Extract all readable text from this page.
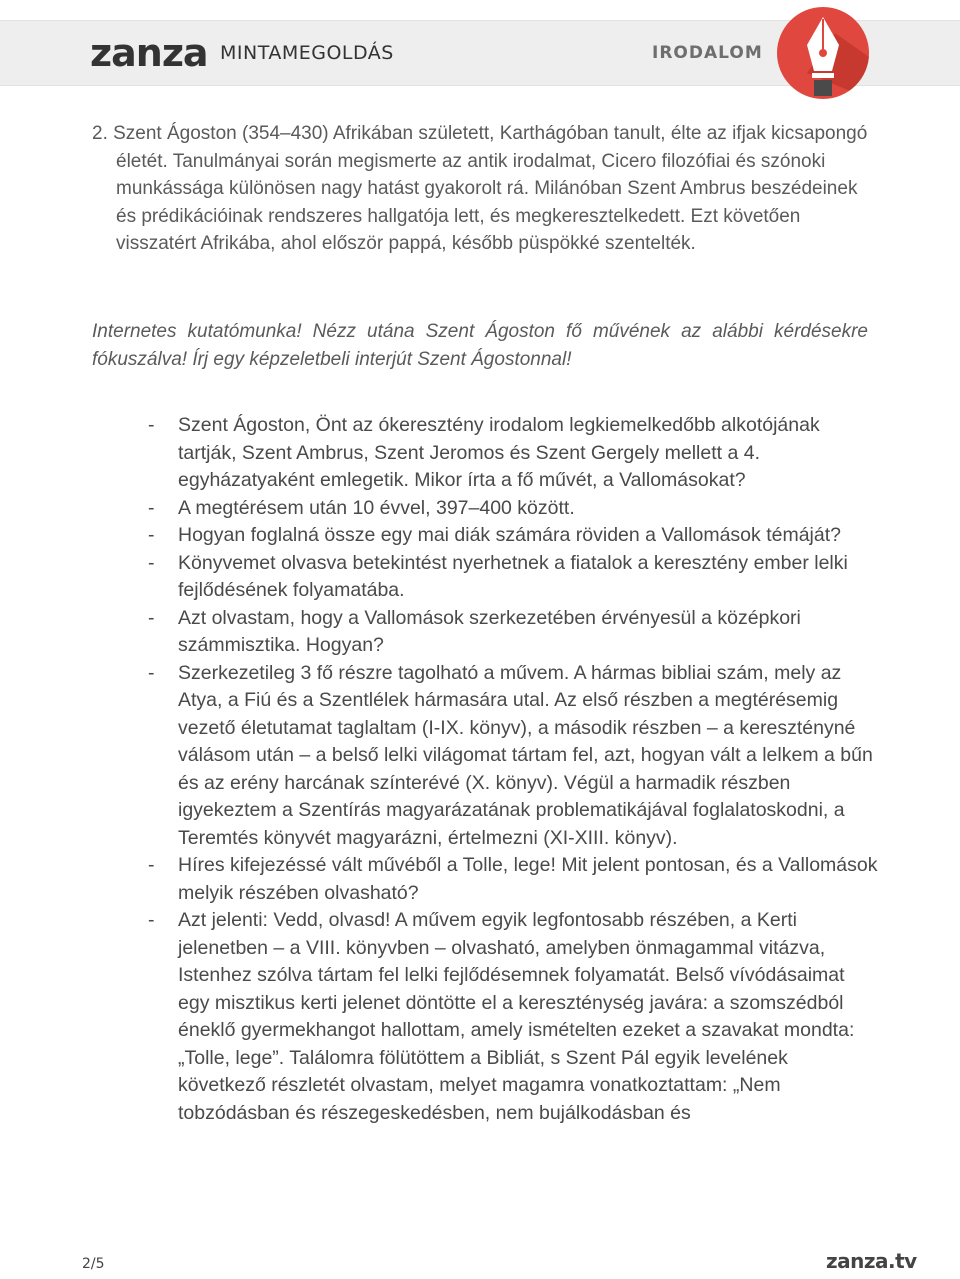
zanza MINTAMEGOLDÁS	IRODALOM
2. Szent Ágoston (354–430) Afrikában született, Karthágóban tanult, élte az ifjak kicsapongó életét. Tanulmányai során megismerte az antik irodalmat, Cicero filozófiai és szónoki munkássága különösen nagy hatást gyakorolt rá. Milánóban Szent Ambrus beszédeinek és prédikációinak rendszeres hallgatója lett, és megkeresztelkedett. Ezt követően visszatért Afrikába, ahol először pappá, később püspökké szentelték.
Internetes kutatómunka! Nézz utána Szent Ágoston fő művének az alábbi kérdésekre fókuszálva! Írj egy képzeletbeli interjút Szent Ágostonnal!
-	Szent Ágoston, Önt az ókeresztény irodalom legkiemelkedőbb alkotójának tartják, Szent Ambrus, Szent Jeromos és Szent Gergely mellett a 4. egyházatyaként emlegetik. Mikor írta a fő művét, a Vallomásokat?
-	A megtérésem után 10 évvel, 397–400 között.
-	Hogyan foglalná össze egy mai diák számára röviden a Vallomások témáját?
-	Könyvemet olvasva betekintést nyerhetnek a fiatalok a keresztény ember lelki fejlődésének folyamatába.
-	Azt olvastam, hogy a Vallomások szerkezetében érvényesül a középkori számmisztika. Hogyan?
-	Szerkezetileg 3 fő részre tagolható a művem. A hármas bibliai szám, mely az Atya, a Fiú és a Szentlélek hármasára utal. Az első részben a megtérésemig vezető életutamat taglaltam (I-IX. könyv), a második részben – a keresztényné válásom után – a belső lelki világomat tártam fel, azt, hogyan vált a lelkem a bűn és az erény harcának színterévé (X. könyv). Végül a harmadik részben igyekeztem a Szentírás magyarázatának problematikájával foglalatoskodni, a Teremtés könyvét magyarázni, értelmezni (XI-XIII. könyv).
-	Híres kifejezéssé vált művéből a Tolle, lege! Mit jelent pontosan, és a Vallomások melyik részében olvasható?
-	Azt jelenti: Vedd, olvasd! A művem egyik legfontosabb részében, a Kerti jelenetben – a VIII. könyvben – olvasható, amelyben önmagammal vitázva, Istenhez szólva tártam fel lelki fejlődésemnek folyamatát. Belső vívódásaimat egy misztikus kerti jelenet döntötte el a kereszténység javára: a szomszédból éneklő gyermekhangot hallottam, amely ismételten ezeket a szavakat mondta: „Tolle, lege”. Találomra fölütöttem a Bibliát, s Szent Pál egyik levelének következő részletét olvastam, melyet magamra vonatkoztattam: „Nem tobzódásban és részegeskedésben, nem bujálkodásban és
2/5	zanza.tv
